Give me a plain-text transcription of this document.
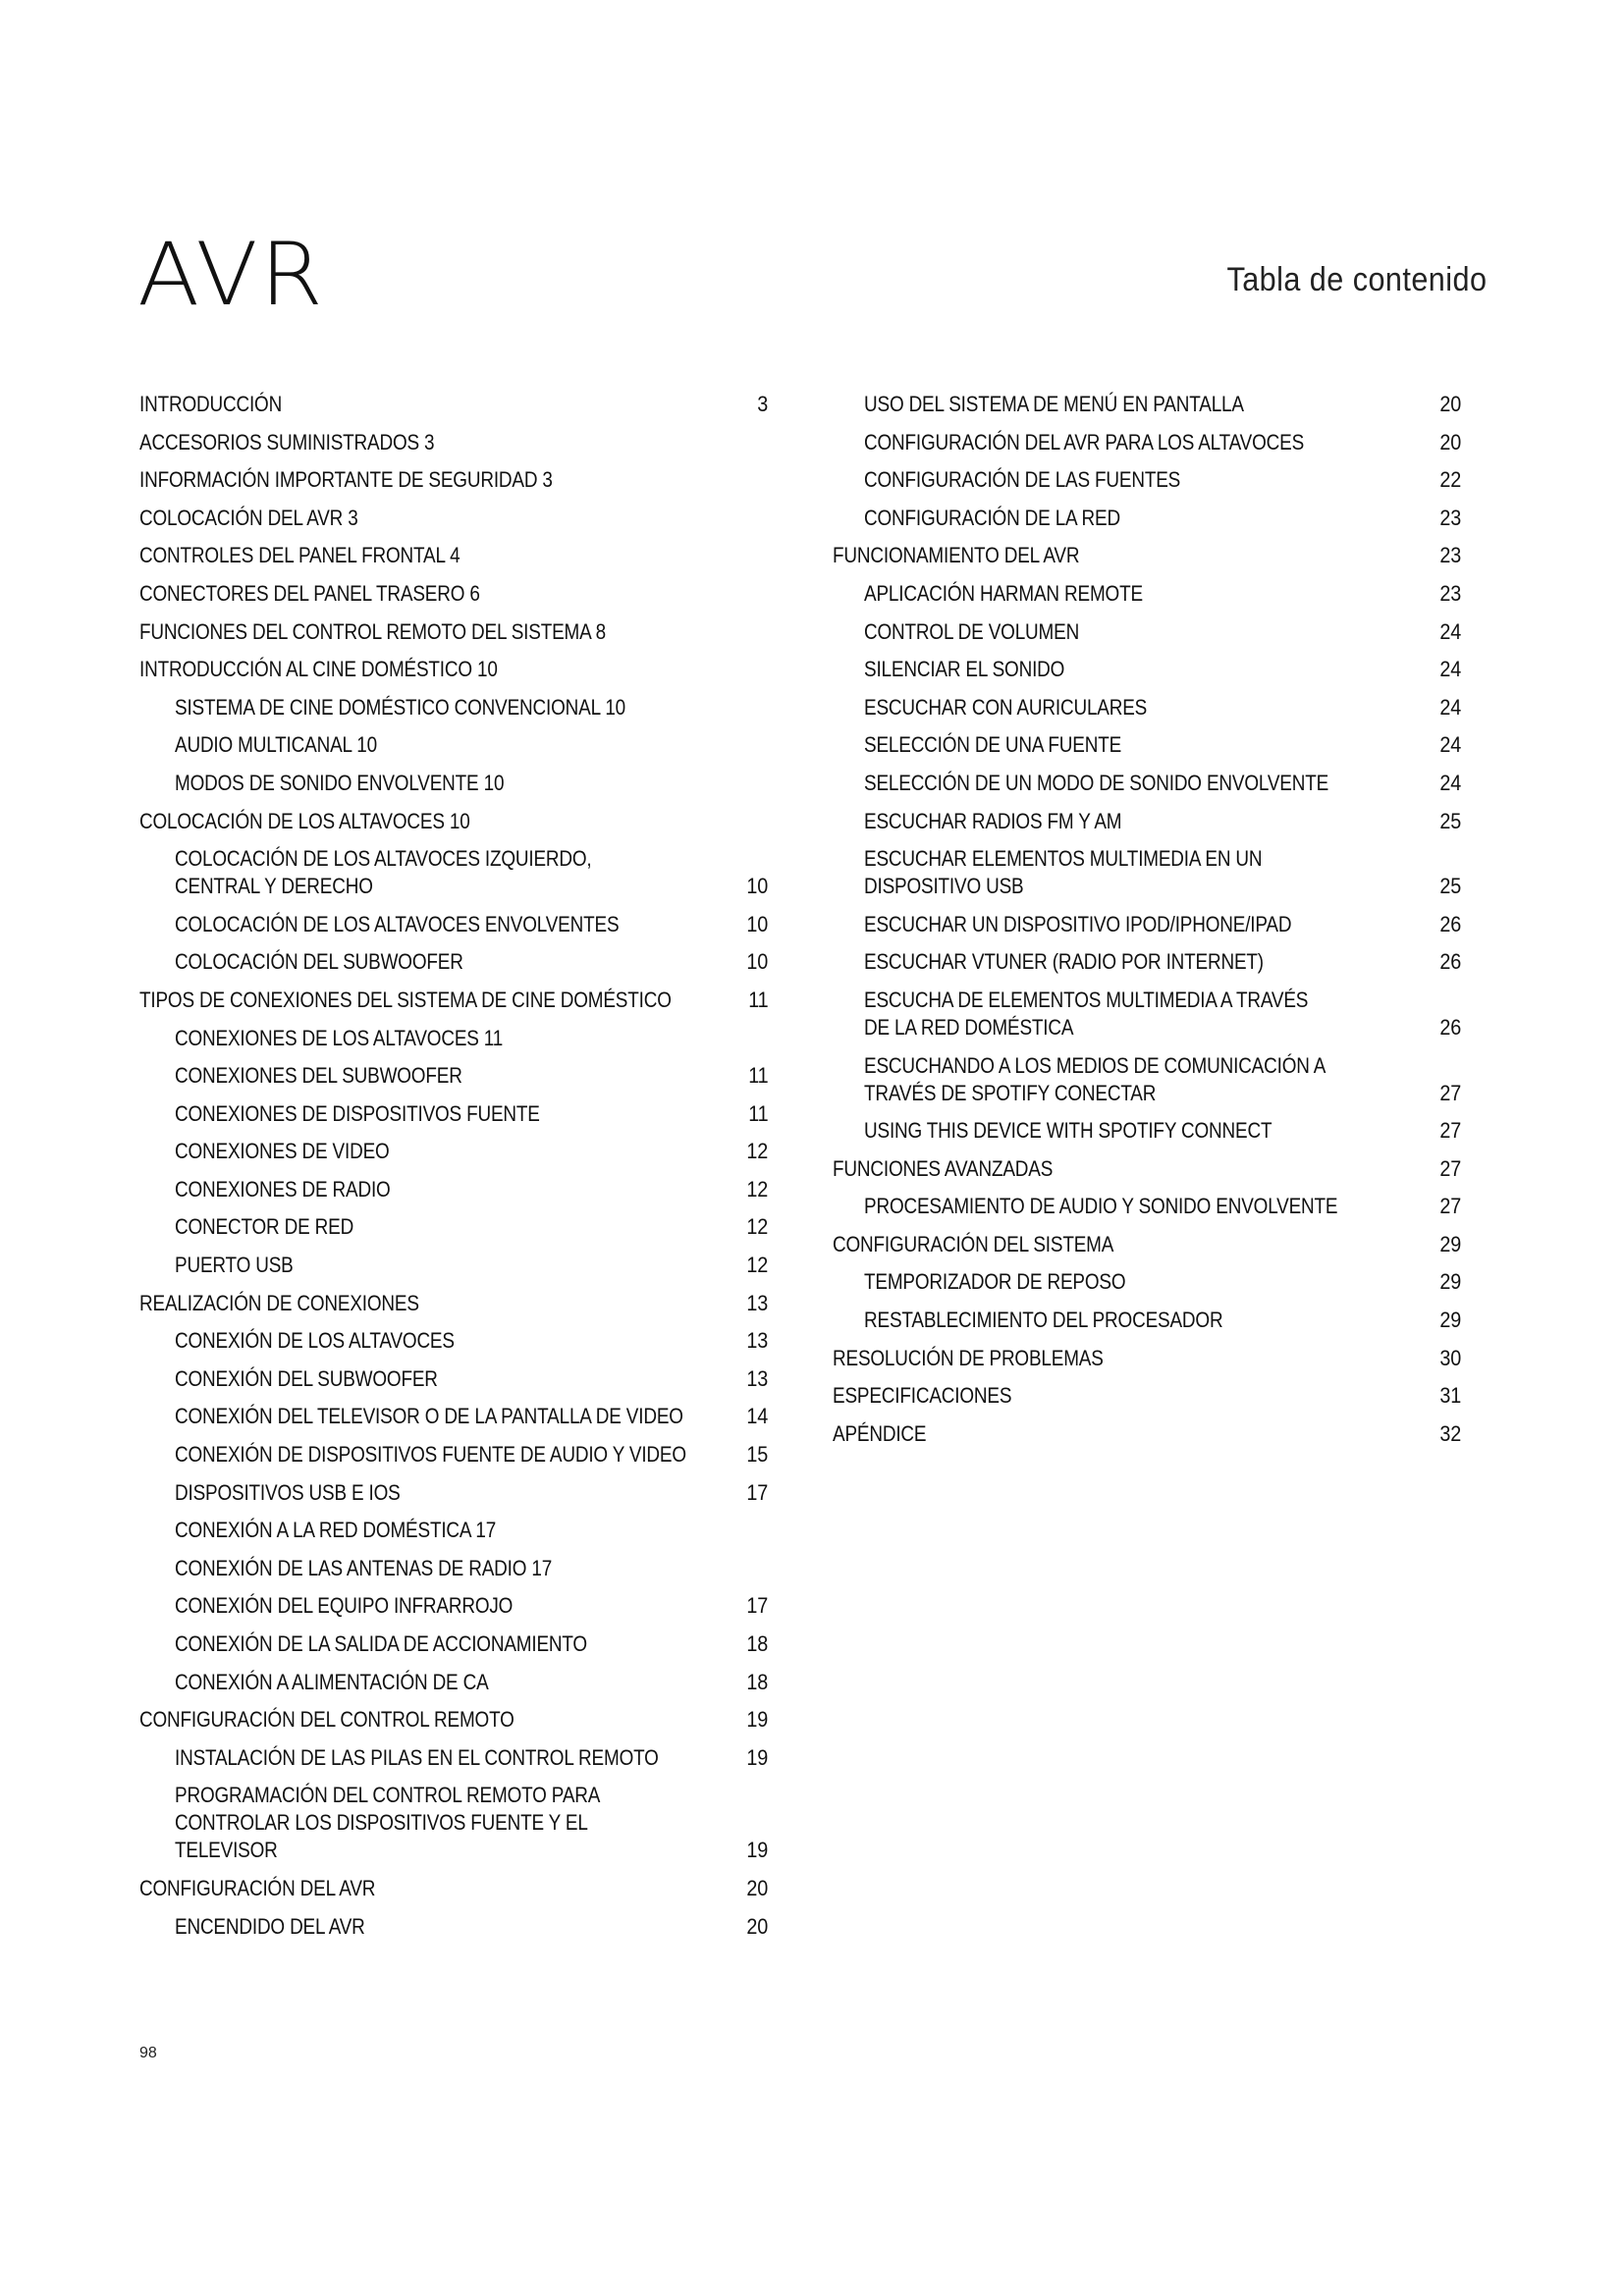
AVR	Tabla de contenido
INTRODUCCIÓN	3
ACCESORIOS SUMINISTRADOS 3
INFORMACIÓN IMPORTANTE DE SEGURIDAD 3
COLOCACIÓN DEL AVR 3
CONTROLES DEL PANEL FRONTAL 4
CONECTORES DEL PANEL TRASERO 6
FUNCIONES DEL CONTROL REMOTO DEL SISTEMA 8
INTRODUCCIÓN AL CINE DOMÉSTICO 10
SISTEMA DE CINE DOMÉSTICO CONVENCIONAL 10
AUDIO MULTICANAL 10
MODOS DE SONIDO ENVOLVENTE 10
COLOCACIÓN DE LOS ALTAVOCES 10
COLOCACIÓN DE LOS ALTAVOCES IZQUIERDO, CENTRAL Y DERECHO	10
COLOCACIÓN DE LOS ALTAVOCES ENVOLVENTES	10
COLOCACIÓN DEL SUBWOOFER	10
TIPOS DE CONEXIONES DEL SISTEMA DE CINE DOMÉSTICO	11
CONEXIONES DE LOS ALTAVOCES 11
CONEXIONES DEL SUBWOOFER	11
CONEXIONES DE DISPOSITIVOS FUENTE	11
CONEXIONES DE VIDEO	12
CONEXIONES DE RADIO	12
CONECTOR DE RED	12
PUERTO USB	12
REALIZACIÓN DE CONEXIONES	13
CONEXIÓN DE LOS ALTAVOCES	13
CONEXIÓN DEL SUBWOOFER	13
CONEXIÓN DEL TELEVISOR O DE LA PANTALLA DE VIDEO	14
CONEXIÓN DE DISPOSITIVOS FUENTE DE AUDIO Y VIDEO	15
DISPOSITIVOS USB E IOS	17
CONEXIÓN A LA RED DOMÉSTICA 17
CONEXIÓN DE LAS ANTENAS DE RADIO 17
CONEXIÓN DEL EQUIPO INFRARROJO	17
CONEXIÓN DE LA SALIDA DE ACCIONAMIENTO	18
CONEXIÓN A ALIMENTACIÓN DE CA	18
CONFIGURACIÓN DEL CONTROL REMOTO	19
INSTALACIÓN DE LAS PILAS EN EL CONTROL REMOTO	19
PROGRAMACIÓN DEL CONTROL REMOTO PARA CONTROLAR LOS DISPOSITIVOS FUENTE Y EL TELEVISOR	19
CONFIGURACIÓN DEL AVR	20
ENCENDIDO DEL AVR	20
USO DEL SISTEMA DE MENÚ EN PANTALLA	20
CONFIGURACIÓN DEL AVR PARA LOS ALTAVOCES	20
CONFIGURACIÓN DE LAS FUENTES	22
CONFIGURACIÓN DE LA RED	23
FUNCIONAMIENTO DEL AVR	23
APLICACIÓN HARMAN REMOTE	23
CONTROL DE VOLUMEN	24
SILENCIAR EL SONIDO	24
ESCUCHAR CON AURICULARES	24
SELECCIÓN DE UNA FUENTE	24
SELECCIÓN DE UN MODO DE SONIDO ENVOLVENTE	24
ESCUCHAR RADIOS FM Y AM	25
ESCUCHAR ELEMENTOS MULTIMEDIA EN UN DISPOSITIVO USB	25
ESCUCHAR UN DISPOSITIVO IPOD/IPHONE/IPAD	26
ESCUCHAR VTUNER (RADIO POR INTERNET)	26
ESCUCHA DE ELEMENTOS MULTIMEDIA A TRAVÉS DE LA RED DOMÉSTICA	26
ESCUCHANDO A LOS MEDIOS DE COMUNICACIÓN A TRAVÉS DE SPOTIFY CONECTAR	27
USING THIS DEVICE WITH SPOTIFY CONNECT	27
FUNCIONES AVANZADAS	27
PROCESAMIENTO DE AUDIO Y SONIDO ENVOLVENTE	27
CONFIGURACIÓN DEL SISTEMA	29
TEMPORIZADOR DE REPOSO	29
RESTABLECIMIENTO DEL PROCESADOR	29
RESOLUCIÓN DE PROBLEMAS	30
ESPECIFICACIONES	31
APÉNDICE	32
98
